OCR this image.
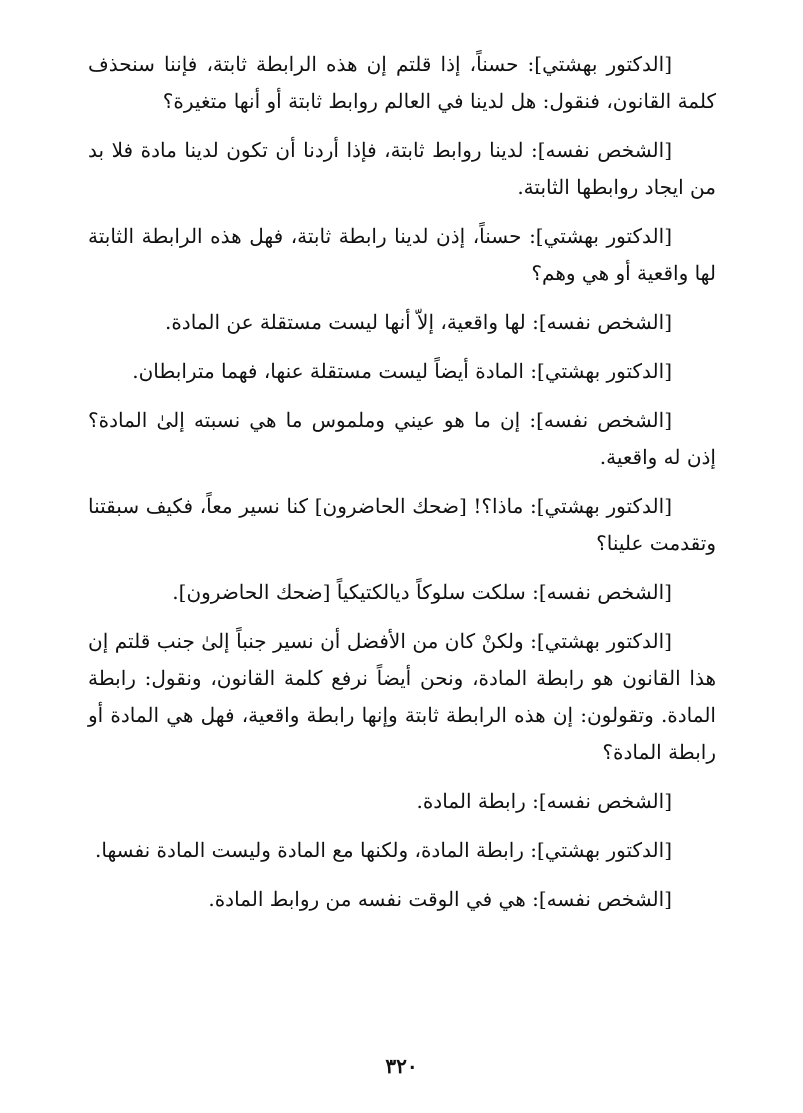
[الدكتور بهشتي]: حسناً، إذا قلتم إن هذه الرابطة ثابتة، فإننا سنحذف كلمة القانون، فنقول: هل لدينا في العالم روابط ثابتة أو أنها متغيرة؟

[الشخص نفسه]: لدينا روابط ثابتة، فإذا أردنا أن تكون لدينا مادة فلا بد من ايجاد روابطها الثابتة.

[الدكتور بهشتي]: حسناً، إذن لدينا رابطة ثابتة، فهل هذه الرابطة الثابتة لها واقعية أو هي وهم؟

[الشخص نفسه]: لها واقعية، إلاّ أنها ليست مستقلة عن المادة.

[الدكتور بهشتي]: المادة أيضاً ليست مستقلة عنها، فهما مترابطان.

[الشخص نفسه]: إن ما هو عيني وملموس ما هي نسبته إلىٰ المادة؟ إذن له واقعية.

[الدكتور بهشتي]: ماذا؟! [ضحك الحاضرون] كنا نسير معاً، فكيف سبقتنا وتقدمت علينا؟

[الشخص نفسه]: سلكت سلوكاً ديالكتيكياً [ضحك الحاضرون].

[الدكتور بهشتي]: ولكنْ كان من الأفضل أن نسير جنباً إلىٰ جنب قلتم إن هذا القانون هو رابطة المادة، ونحن أيضاً نرفع كلمة القانون، ونقول: رابطة المادة. وتقولون: إن هذه الرابطة ثابتة وإنها رابطة واقعية، فهل هي المادة أو رابطة المادة؟

[الشخص نفسه]: رابطة المادة.

[الدكتور بهشتي]: رابطة المادة، ولكنها مع المادة وليست المادة نفسها.

[الشخص نفسه]: هي في الوقت نفسه من روابط المادة.

٣٢٠
